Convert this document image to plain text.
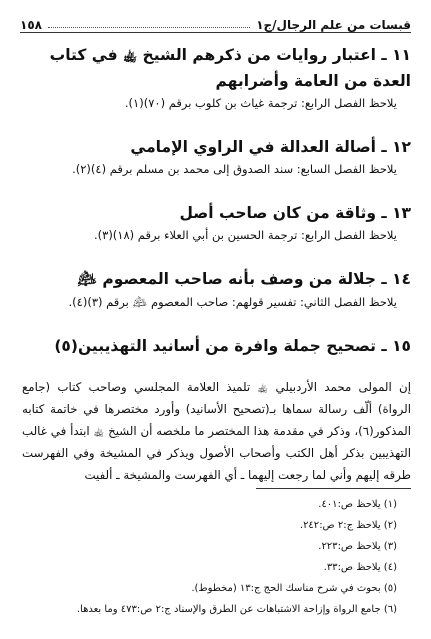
١٥٨	قبسات من علم الرجال/ج١
١١ ـ اعتبار روايات من ذكرهم الشيخ ﵀ في كتاب العدة من العامة وأضرابهم
يلاحظ الفصل الرابع: ترجمة غياث بن كلوب برقم (٧٠)(١).
١٢ ـ أصالة العدالة في الراوي الإمامي
يلاحظ الفصل السابع: سند الصدوق إلى محمد بن مسلم برقم (٤)(٢).
١٣ ـ وثاقة من كان صاحب أصل
يلاحظ الفصل الرابع: ترجمة الحسين بن أبي العلاء برقم (١٨)(٣).
١٤ ـ جلالة من وصف بأنه صاحب المعصوم ﵇
يلاحظ الفصل الثاني: تفسير قولهم: صاحب المعصوم ﵇ برقم (٣)(٤).
١٥ ـ تصحيح جملة وافرة من أسانيد التهذيبين(٥)
إن المولى محمد الأردبيلي ﵀ تلميذ العلامة المجلسي وصاحب كتاب (جامع الرواة) ألّف رسالة سماها بـ(تصحيح الأسانيد) وأورد مختصرها في خاتمة كتابه المذكور(٦)، وذكر في مقدمة هذا المختصر ما ملخصه أن الشيخ ﵀ ابتدأ في غالب التهذيبين بذكر أهل الكتب وأصحاب الأصول ويذكر في المشيخة وفي الفهرست طرقه إليهم وأني لما رجعت إليهما ـ أي الفهرست والمشيخة ـ ألفيت
(١) يلاحظ ص:٤٠١.
(٢) يلاحظ ج:٢ ص:٢٤٢.
(٣) يلاحظ ص:٢٢٣.
(٤) يلاحظ ص:٣٣.
(٥) بحوث في شرح مناسك الحج ج:١٣ (مخطوط).
(٦) جامع الرواة وإزاحة الاشتباهات عن الطرق والإسناد ج:٢ ص:٤٧٣ وما بعدها.
